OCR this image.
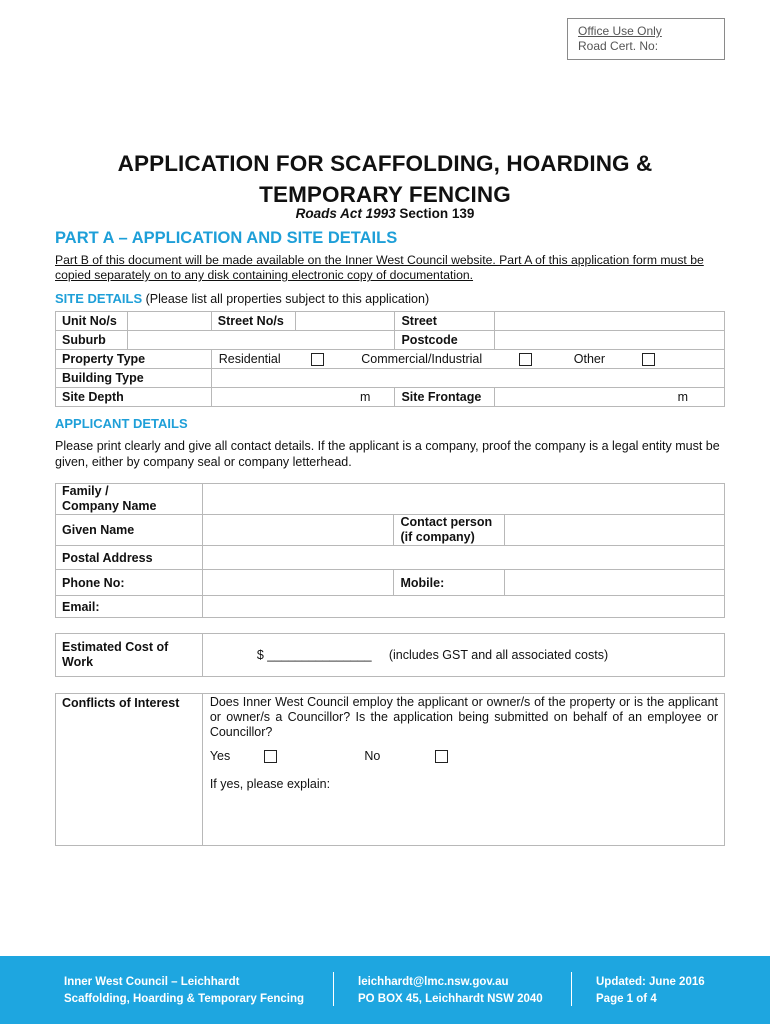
Office Use Only
Road Cert. No:
APPLICATION FOR SCAFFOLDING, HOARDING &
TEMPORARY FENCING
Roads Act 1993 Section 139
PART A – APPLICATION AND SITE DETAILS
Part B of this document will be made available on the Inner West Council website. Part A of this application form must be copied separately on to any disk containing electronic copy of documentation.
SITE DETAILS (Please list all properties subject to this application)
Unit No/s		Street No/s		Street	
Suburb				Postcode	
Property Type		Residential Commercial/Industrial Other			
Building Type					
Site Depth		m		Site Frontage	m
APPLICANT DETAILS
Please print clearly and give all contact details. If the applicant is a company, proof the company is a legal entity must be given, either by company seal or company letterhead.
Family /
Company Name			

Given Name		Contact person
(if company)	

Postal Address			
Phone No:		Mobile:	
Email:			
Estimated Cost of
Work	$ _______________ (includes GST and all associated costs)
Conflicts of Interest	Does Inner West Council employ the applicant or owner/s of the property or is the applicant or owner/s a Councillor? Is the application being submitted on behalf of an employee or Councillor?
Yes	No
If yes, please explain:
Inner West Council – Leichhardt
Scaffolding, Hoarding & Temporary Fencing
leichhardt@lmc.nsw.gov.au
PO BOX 45, Leichhardt NSW 2040
Updated: June 2016
Page 1 of 4
